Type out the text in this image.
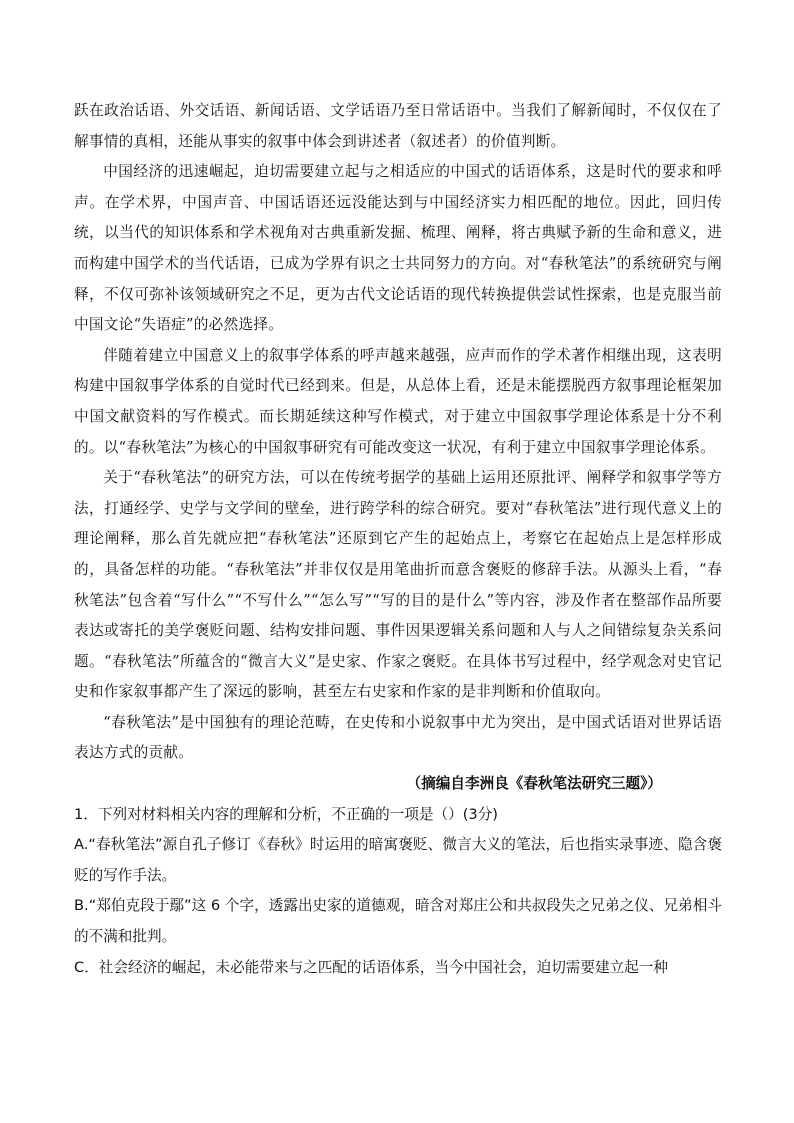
跃在政治话语、外交话语、新闻话语、文学话语乃至日常话语中。当我们了解新闻时，不仅仅在了解事情的真相，还能从事实的叙事中体会到讲述者（叙述者）的价值判断。

中国经济的迅速崛起，迫切需要建立起与之相适应的中国式的话语体系，这是时代的要求和呼声。在学术界，中国声音、中国话语还远没能达到与中国经济实力相匹配的地位。因此，回归传统，以当代的知识体系和学术视角对古典重新发掘、梳理、阐释，将古典赋予新的生命和意义，进而构建中国学术的当代话语，已成为学界有识之士共同努力的方向。对“春秋笔法”的系统研究与阐释，不仅可弥补该领域研究之不足，更为古代文论话语的现代转换提供尝试性探索，也是克服当前中国文论“失语症”的必然选择。

伴随着建立中国意义上的叙事学体系的呼声越来越强，应声而作的学术著作相继出现，这表明构建中国叙事学体系的自觉时代已经到来。但是，从总体上看，还是未能摆脱西方叙事理论框架加中国文献资料的写作模式。而长期延续这种写作模式，对于建立中国叙事学理论体系是十分不利的。以“春秋笔法”为核心的中国叙事研究有可能改变这一状况，有利于建立中国叙事学理论体系。

关于“春秋笔法”的研究方法，可以在传统考据学的基础上运用还原批评、阐释学和叙事学等方法，打通经学、史学与文学间的壁垒，进行跨学科的综合研究。要对“春秋笔法”进行现代意义上的理论阐释，那么首先就应把“春秋笔法”还原到它产生的起始点上，考察它在起始点上是怎样形成的，具备怎样的功能。“春秋笔法”并非仅仅是用笔曲折而意含褒贬的修辞手法。从源头上看，“春秋笔法”包含着“写什么”“不写什么”“怎么写”“写的目的是什么”等内容，涉及作者在整部作品所要表达或寄托的美学褒贬问题、结构安排问题、事件因果逻辑关系问题和人与人之间错综复杂关系问题。“春秋笔法”所蕴含的“微言大义”是史家、作家之褒贬。在具体书写过程中，经学观念对史官记史和作家叙事都产生了深远的影响，甚至左右史家和作家的是非判断和价值取向。

“春秋笔法”是中国独有的理论范畴，在史传和小说叙事中尤为突出，是中国式话语对世界话语表达方式的贡献。

（摘编自李洲良《春秋笔法研究三题》）

1．下列对材料相关内容的理解和分析，不正确的一项是（）(3分)

A.“春秋笔法”源自孔子修订《春秋》时运用的暗寓褒贬、微言大义的笔法，后也指实录事迹、隐含褒贬的写作手法。

B.“郑伯克段于鄢”这 6 个字，透露出史家的道德观，暗含对郑庄公和共叔段失之兄弟之仪、兄弟相斗的不满和批判。

C．社会经济的崛起，未必能带来与之匹配的话语体系，当今中国社会，迫切需要建立起一种
